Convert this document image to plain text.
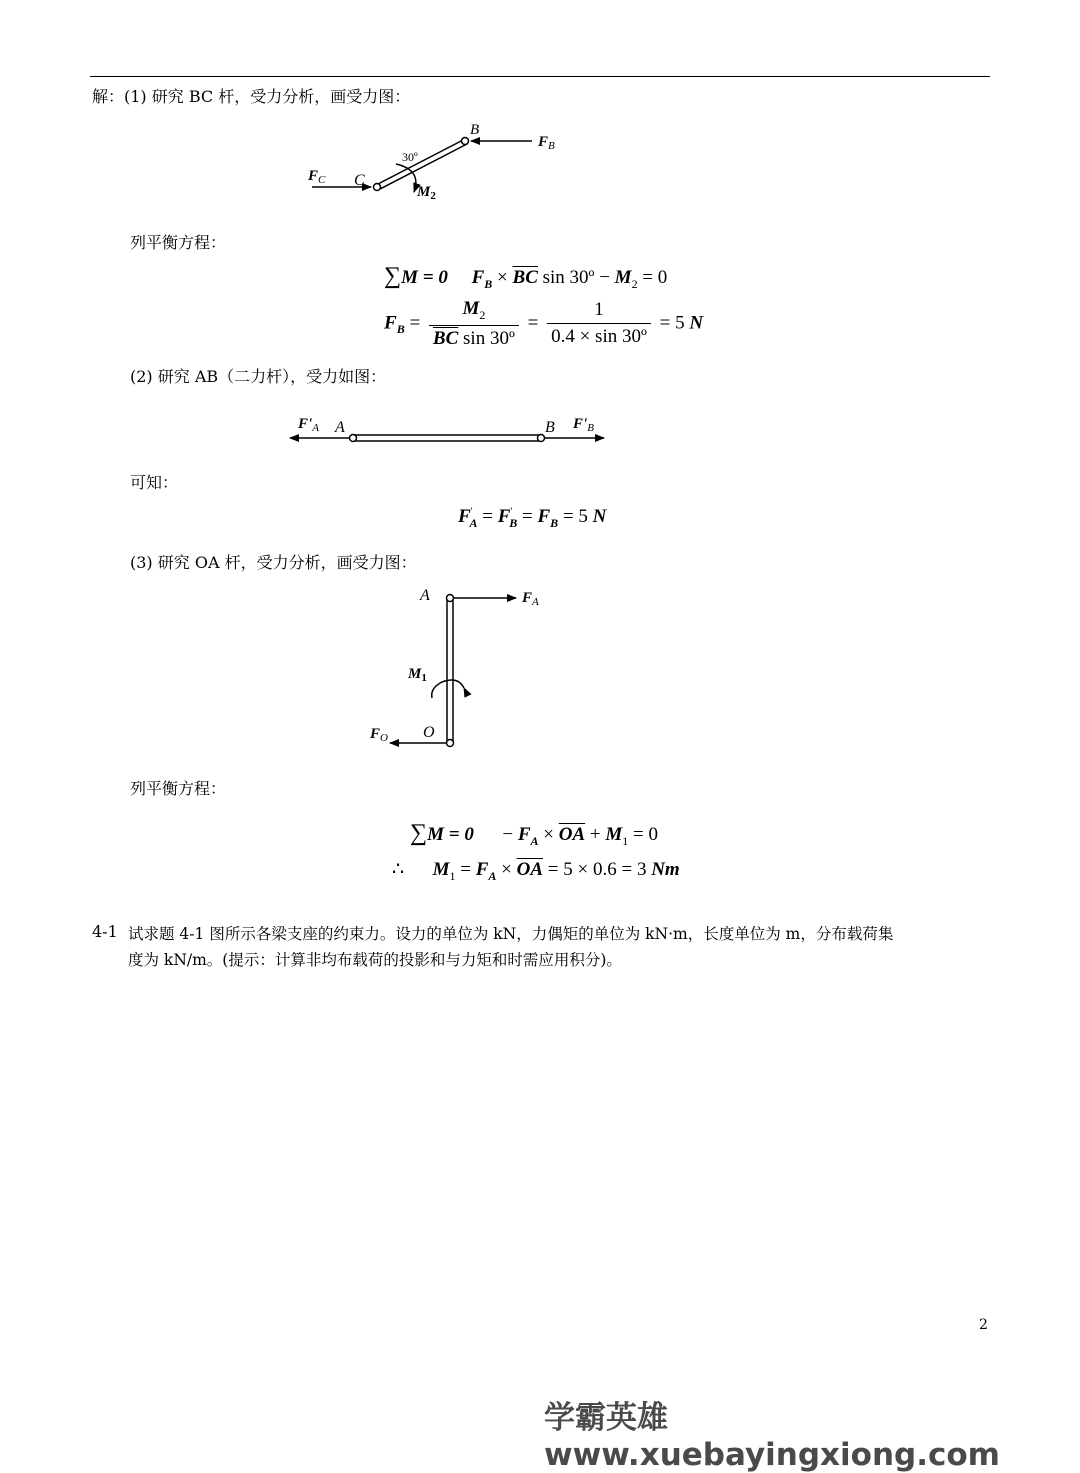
解：(1) 研究 BC 杆，受力分析，画受力图：
B
$F_B$
30º
$F_C$ C
$M_2$
列平衡方程：
∑M = 0 $F_B \times \overline{BC}$ sin 30º − $M_2 = 0$
$F_B = \frac{M_2}{\overline{BC} \sin 30º} = \frac{1}{\text{0.4 × sin 30º}} = 5$ N
(2) 研究 AB（二力杆），受力如图：
$F'_A$ A	B $F'_B$
可知：
$F'_A = F'_B = F_B = 5$ N
(3) 研究 OA 杆，受力分析，画受力图：
A	$F_A$
$M_1$
$F_O$ O
列平衡方程：
$\sum M = 0 - F_A \times \overline{OA} + M_1 = 0$
∴ $M_1 = F_A \times \overline{OA} = 5 \times 0.6 = 3$ Nm
4-1 试求题 4-1 图所示各梁支座的约束力。设力的单位为 kN，力偶矩的单位为 kN·m，长度单位为 m，分布载荷集
度为 kN/m。(提示：计算非均布载荷的投影和与力矩和时需应用积分)。
2
学霸英雄 www.xuebayingxiong.com
